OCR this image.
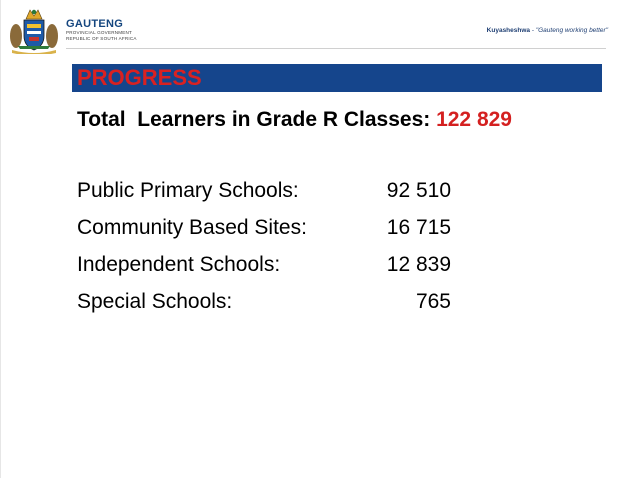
GAUTENG
PROVINCIAL GOVERNMENT
REPUBLIC OF SOUTH AFRICA
Kuyasheshwa - "Gauteng working better"
PROGRESS
Total  Learners in Grade R Classes: 122 829
Public Primary Schools:	92 510
Community Based Sites:	16 715
Independent Schools:	12 839
Special Schools:	765
